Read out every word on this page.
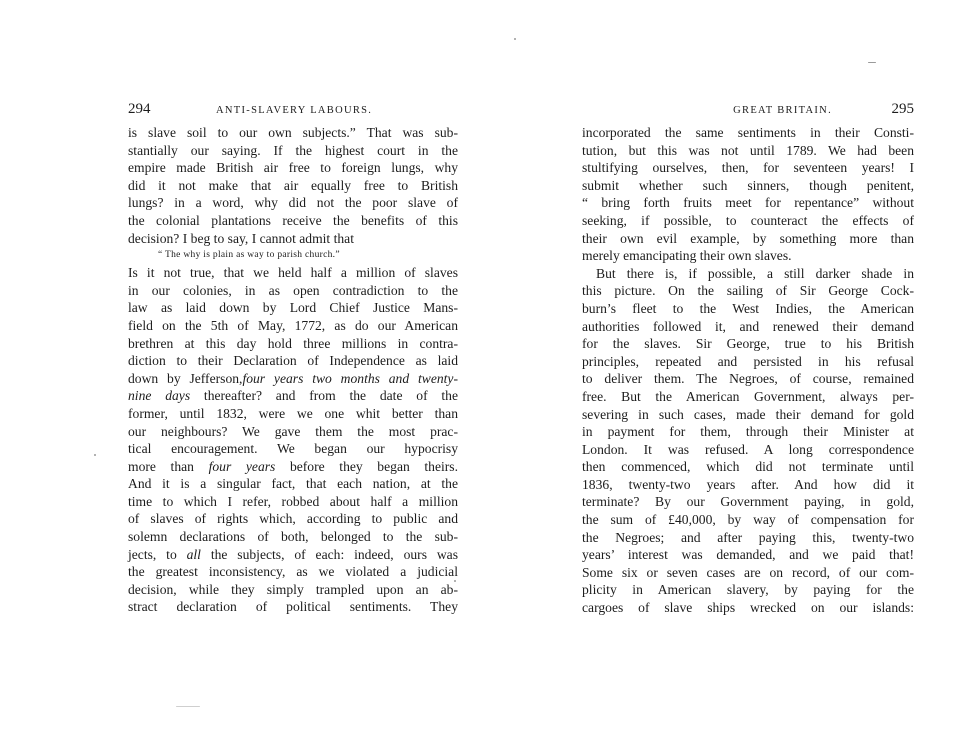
294	ANTI-SLAVERY LABOURS.
is slave soil to our own subjects.” That was sub-
stantially our saying. If the highest court in the
empire made British air free to foreign lungs, why
did it not make that air equally free to British
lungs? in a word, why did not the poor slave of
the colonial plantations receive the benefits of this
decision? I beg to say, I cannot admit that
“ The why is plain as way to parish church.”
Is it not true, that we held half a million of slaves
in our colonies, in as open contradiction to the
law as laid down by Lord Chief Justice Mans-
field on the 5th of May, 1772, as do our American
brethren at this day hold three millions in contra-
diction to their Declaration of Independence as laid
down by Jefferson,four years two months and twenty-
nine days thereafter? and from the date of the
former, until 1832, were we one whit better than
our neighbours? We gave them the most prac-
tical encouragement. We began our hypocrisy
more than four years before they began theirs.
And it is a singular fact, that each nation, at the
time to which I refer, robbed about half a million
of slaves of rights which, according to public and
solemn declarations of both, belonged to the sub-
jects, to all the subjects, of each: indeed, ours was
the greatest inconsistency, as we violated a judicial
decision, while they simply trampled upon an ab-
stract declaration of political sentiments. They
GREAT BRITAIN.	295
incorporated the same sentiments in their Consti-
tution, but this was not until 1789. We had been
stultifying ourselves, then, for seventeen years! I
submit whether such sinners, though penitent,
“ bring forth fruits meet for repentance” without
seeking, if possible, to counteract the effects of
their own evil example, by something more than
merely emancipating their own slaves.
But there is, if possible, a still darker shade in
this picture. On the sailing of Sir George Cock-
burn’s fleet to the West Indies, the American
authorities followed it, and renewed their demand
for the slaves. Sir George, true to his British
principles, repeated and persisted in his refusal
to deliver them. The Negroes, of course, remained
free. But the American Government, always per-
severing in such cases, made their demand for gold
in payment for them, through their Minister at
London. It was refused. A long correspondence
then commenced, which did not terminate until
1836, twenty-two years after. And how did it
terminate? By our Government paying, in gold,
the sum of £40,000, by way of compensation for
the Negroes; and after paying this, twenty-two
years’ interest was demanded, and we paid that!
Some six or seven cases are on record, of our com-
plicity in American slavery, by paying for the
cargoes of slave ships wrecked on our islands:
